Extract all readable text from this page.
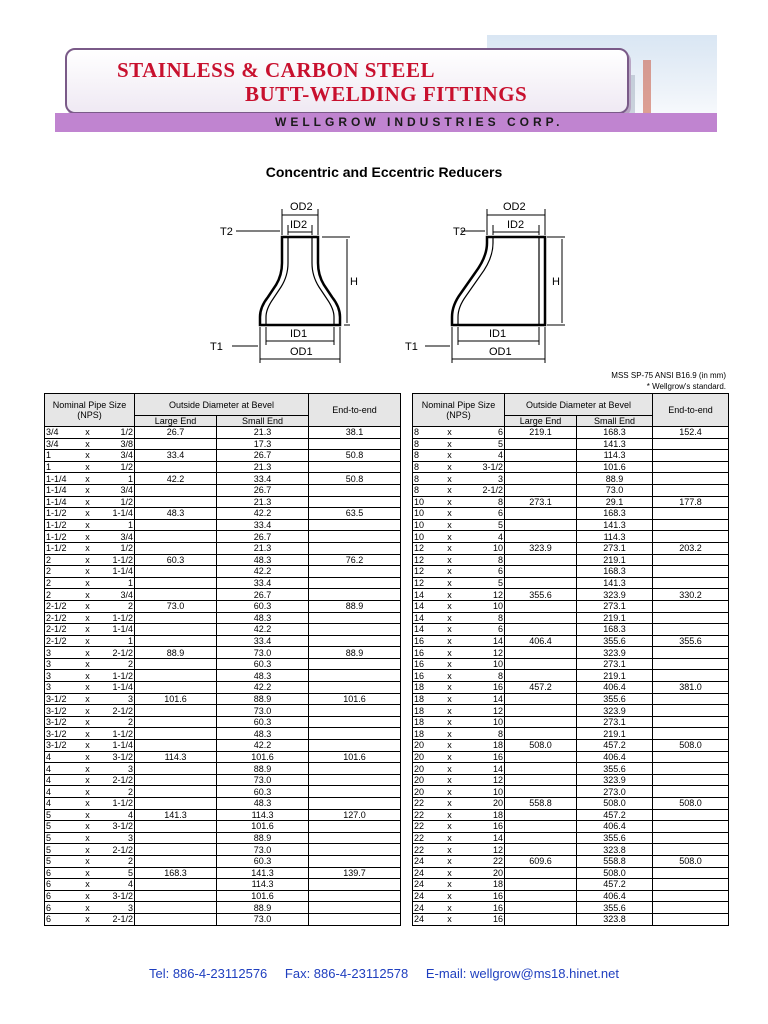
STAINLESS & CARBON STEEL
BUTT-WELDING FITTINGS
WELLGROW INDUSTRIES CORP.
Concentric and Eccentric Reducers
OD2
ID2
T2
H
T1
ID1
OD1
OD2
ID2
T2
H
T1
ID1
OD1
MSS SP-75 ANSI B16.9 (in mm)
* Wellgrow's standard.
Nominal Pipe Size (NPS)			Outside Diameter at Bevel		End-to-end
			Large End	Small End	
3/4	x	1/2	26.7	21.3	38.1
3/4	x	3/8		17.3	
1	x	3/4	33.4	26.7	50.8
1	x	1/2		21.3	
1-1/4	x	1	42.2	33.4	50.8
1-1/4	x	3/4		26.7	
1-1/4	x	1/2		21.3	
1-1/2	x	1-1/4	48.3	42.2	63.5
1-1/2	x	1		33.4	
1-1/2	x	3/4		26.7	
1-1/2	x	1/2		21.3	
2	x	1-1/2	60.3	48.3	76.2
2	x	1-1/4		42.2	
2	x	1		33.4	
2	x	3/4		26.7	
2-1/2	x	2	73.0	60.3	88.9
2-1/2	x	1-1/2		48.3	
2-1/2	x	1-1/4		42.2	
2-1/2	x	1		33.4	
3	x	2-1/2	88.9	73.0	88.9
3	x	2		60.3	
3	x	1-1/2		48.3	
3	x	1-1/4		42.2	
3-1/2	x	3	101.6	88.9	101.6
3-1/2	x	2-1/2		73.0	
3-1/2	x	2		60.3	
3-1/2	x	1-1/2		48.3	
3-1/2	x	1-1/4		42.2	
4	x	3-1/2	114.3	101.6	101.6
4	x	3		88.9	
4	x	2-1/2		73.0	
4	x	2		60.3	
4	x	1-1/2		48.3	
5	x	4	141.3	114.3	127.0
5	x	3-1/2		101.6	
5	x	3		88.9	
5	x	2-1/2		73.0	
5	x	2		60.3	
6	x	5	168.3	141.3	139.7
6	x	4		114.3	
6	x	3-1/2		101.6	
6	x	3		88.9	
6	x	2-1/2		73.0	
Nominal Pipe Size (NPS)			Outside Diameter at Bevel		End-to-end
			Large End	Small End	
8	x	6	219.1	168.3	152.4
8	x	5		141.3	
8	x	4		114.3	
8	x	3-1/2		101.6	
8	x	3		88.9	
8	x	2-1/2		73.0	
10	x	8	273.1	29.1	177.8
10	x	6		168.3	
10	x	5		141.3	
10	x	4		114.3	
12	x	10	323.9	273.1	203.2
12	x	8		219.1	
12	x	6		168.3	
12	x	5		141.3	
14	x	12	355.6	323.9	330.2
14	x	10		273.1	
14	x	8		219.1	
14	x	6		168.3	
16	x	14	406.4	355.6	355.6
16	x	12		323.9	
16	x	10		273.1	
16	x	8		219.1	
18	x	16	457.2	406.4	381.0
18	x	14		355.6	
18	x	12		323.9	
18	x	10		273.1	
18	x	8		219.1	
20	x	18	508.0	457.2	508.0
20	x	16		406.4	
20	x	14		355.6	
20	x	12		323.9	
20	x	10		273.0	
22	x	20	558.8	508.0	508.0
22	x	18		457.2	
22	x	16		406.4	
22	x	14		355.6	
22	x	12		323.8	
24	x	22	609.6	558.8	508.0
24	x	20		508.0	
24	x	18		457.2	
24	x	16		406.4	
24	x	16		355.6	
24	x	16		323.8	
Tel: 886-4-23112576 Fax: 886-4-23112578 E-mail: wellgrow@ms18.hinet.net
